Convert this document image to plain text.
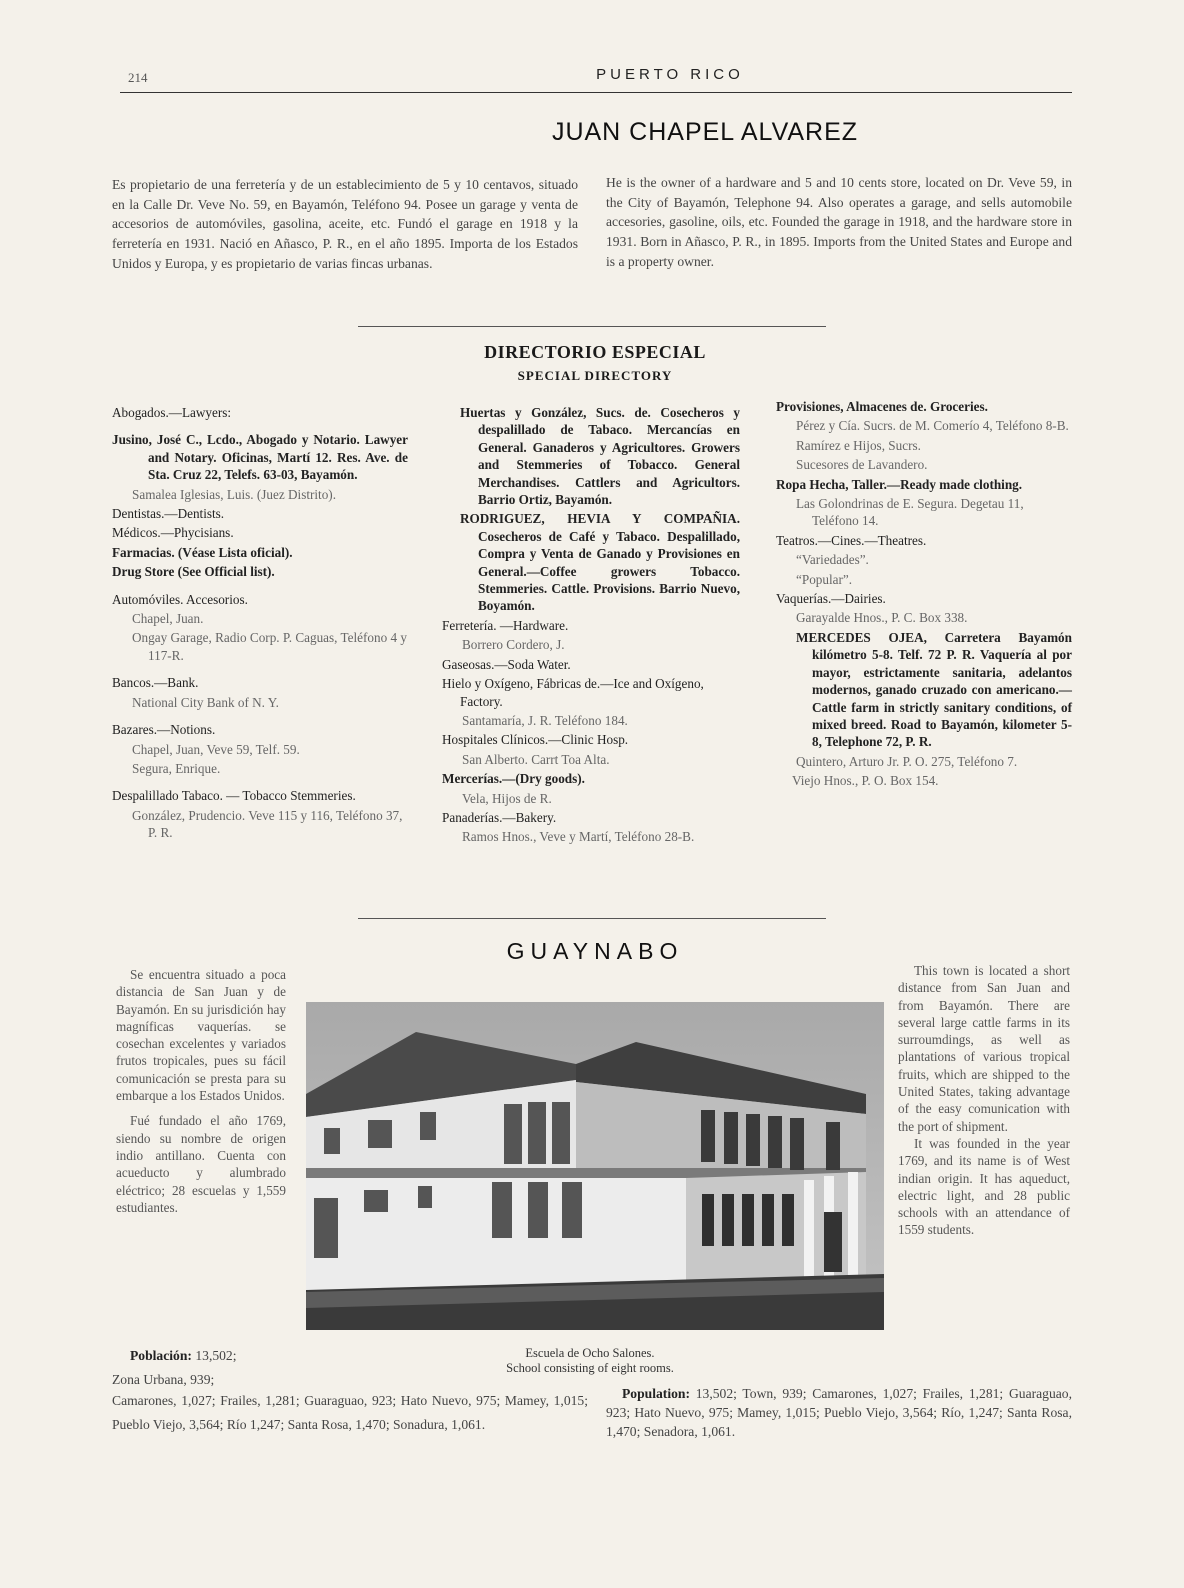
214	PUERTO RICO
JUAN CHAPEL ALVAREZ
Es propietario de una ferretería y de un establecimiento de 5 y 10 centavos, situado en la Calle Dr. Veve No. 59, en Bayamón, Teléfono 94. Posee un garage y venta de accesorios de automóviles, gasolina, aceite, etc. Fundó el garage en 1918 y la ferretería en 1931. Nació en Añasco, P. R., en el año 1895. Importa de los Estados Unidos y Europa, y es propietario de varias fincas urbanas.
He is the owner of a hardware and 5 and 10 cents store, located on Dr. Veve 59, in the City of Bayamón, Telephone 94. Also operates a garage, and sells automobile accesories, gasoline, oils, etc. Founded the garage in 1918, and the hardware store in 1931. Born in Añasco, P. R., in 1895. Imports from the United States and Europe and is a property owner.
DIRECTORIO ESPECIAL
SPECIAL DIRECTORY
Abogados.—Lawyers:
Jusino, José C., Lcdo., Abogado y Notario. Lawyer and Notary. Oficinas, Martí 12. Res. Ave. de Sta. Cruz 22, Telefs. 63-03, Bayamón.
Samalea Iglesias, Luis. (Juez Distrito).
Dentistas.—Dentists.
Médicos.—Phycisians.
Farmacias. (Véase Lista oficial).
Drug Store (See Official list).
Automóviles. Accesorios.
Chapel, Juan.
Ongay Garage, Radio Corp. P. Caguas, Teléfono 4 y 117-R.
Bancos.—Bank.
National City Bank of N. Y.
Bazares.—Notions.
Chapel, Juan, Veve 59, Telf. 59.
Segura, Enrique.
Despalillado Tabaco. — Tobacco Stemmeries.
González, Prudencio. Veve 115 y 116, Teléfono 37, P. R.
Huertas y González, Sucs. de. Cosecheros y despalillado de Tabaco. Mercancías en General. Ganaderos y Agricultores. Growers and Stemmeries of Tobacco. General Merchandises. Cattlers and Agricultors. Barrio Ortiz, Bayamón.
RODRIGUEZ, HEVIA Y COMPAÑIA. Cosecheros de Café y Tabaco. Despalillado, Compra y Venta de Ganado y Provisiones en General.—Coffee growers Tobacco. Stemmeries. Cattle. Provisions. Barrio Nuevo, Boyamón.
Ferretería. —Hardware.
Borrero Cordero, J.
Gaseosas.—Soda Water.
Hielo y Oxígeno, Fábricas de.—Ice and Oxígeno, Factory.
Santamaría, J. R. Teléfono 184.
Hospitales Clínicos.—Clinic Hosp.
San Alberto. Carrt Toa Alta.
Mercerías.—(Dry goods).
Vela, Hijos de R.
Panaderías.—Bakery.
Ramos Hnos., Veve y Martí, Teléfono 28-B.
Provisiones, Almacenes de. Groceries.
Pérez y Cía. Sucrs. de M. Comerío 4, Teléfono 8-B.
Ramírez e Hijos, Sucrs.
Sucesores de Lavandero.
Ropa Hecha, Taller.—Ready made clothing.
Las Golondrinas de E. Segura. Degetau 11, Teléfono 14.
Teatros.—Cines.—Theatres.
“Variedades”.
“Popular”.
Vaquerías.—Dairies.
Garayalde Hnos., P. C. Box 338.
MERCEDES OJEA, Carretera Bayamón kilómetro 5-8. Telf. 72 P. R. Vaquería al por mayor, estrictamente sanitaria, adelantos modernos, ganado cruzado con americano.—Cattle farm in strictly sanitary conditions, of mixed breed. Road to Bayamón, kilometer 5-8, Telephone 72, P. R.
Quintero, Arturo Jr. P. O. 275, Teléfono 7.
Viejo Hnos., P. O. Box 154.
GUAYNABO

Se encuentra situado a poca distancia de San Juan y de Bayamón. En su jurisdición hay magníficas vaquerías. se cosechan excelentes y variados frutos tropicales, pues su fácil comunicación se presta para su embarque a los Estados Unidos.

Fué fundado el año 1769, siendo su nombre de origen indio antillano. Cuenta con acueducto y alumbrado eléctrico; 28 escuelas y 1,559 estudiantes.

This town is located a short distance from San Juan and from Bayamón. There are several large cattle farms in its surroumdings, as well as plantations of various tropical fruits, which are shipped to the United States, taking advantage of the easy comunication with the port of shipment.

It was founded in the year 1769, and its name is of West indian origin. It has aqueduct, electric light, and 28 public schools with an attendance of 1559 students.

Escuela de Ocho Salones.
School consisting of eight rooms.
Población: 13,502;
Zona Urbana, 939;
Camarones, 1,027; Frailes, 1,281; Guaraguao, 923; Hato Nuevo, 975; Mamey, 1,015; Pueblo Viejo, 3,564; Río 1,247; Santa Rosa, 1,470; Sonadura, 1,061.
Population: 13,502; Town, 939; Camarones, 1,027; Frailes, 1,281; Guaraguao, 923; Hato Nuevo, 975; Mamey, 1,015; Pueblo Viejo, 3,564; Río, 1,247; Santa Rosa, 1,470; Senadora, 1,061.
